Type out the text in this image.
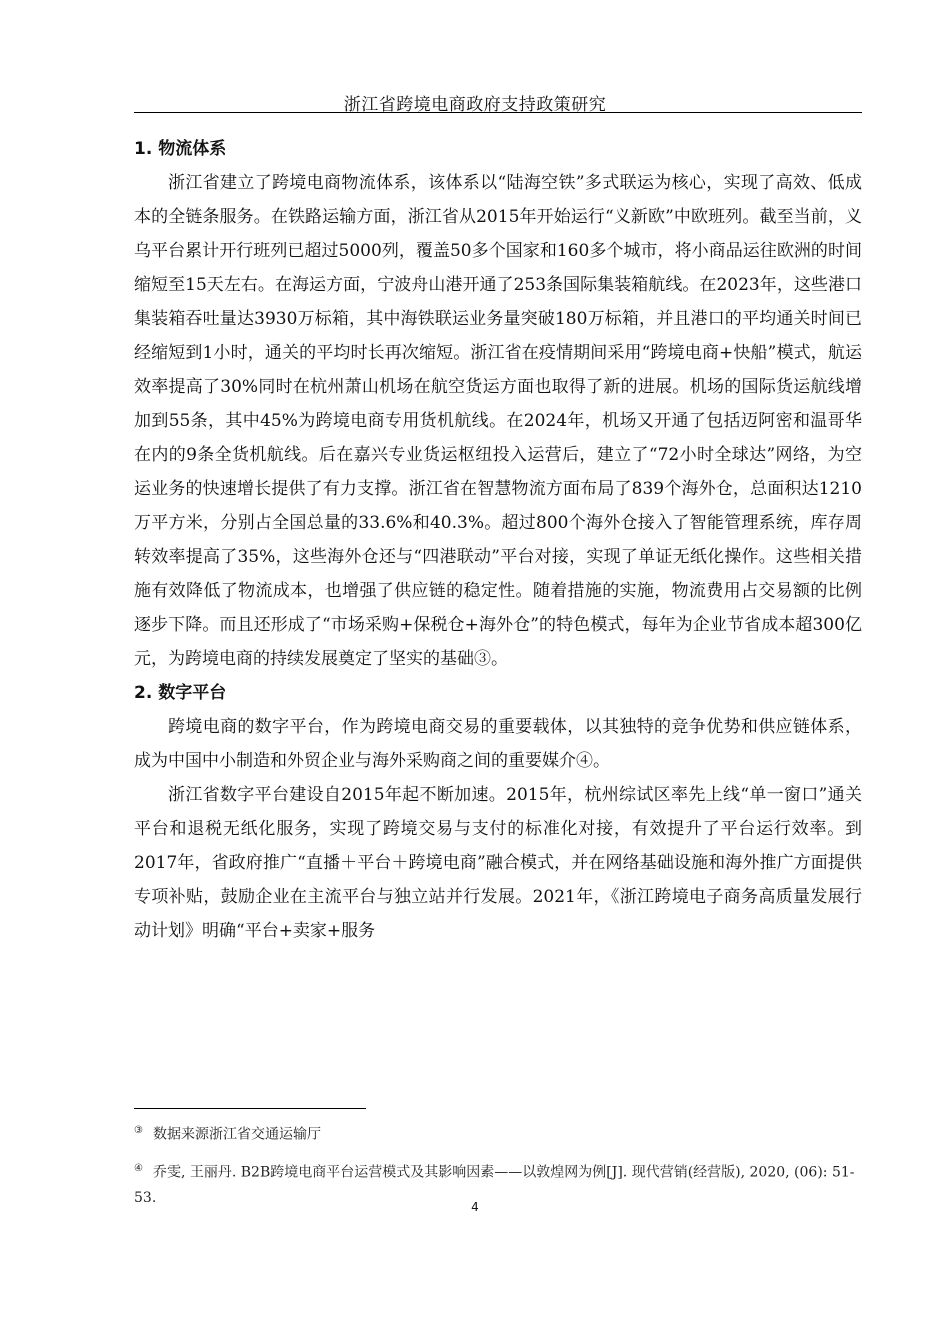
浙江省跨境电商政府支持政策研究
1. 物流体系

浙江省建立了跨境电商物流体系，该体系以“陆海空铁”多式联运为核心，实现了高效、低成本的全链条服务。在铁路运输方面，浙江省从2015年开始运行“义新欧”中欧班列。截至当前，义乌平台累计开行班列已超过5000列，覆盖50多个国家和160多个城市，将小商品运往欧洲的时间缩短至15天左右。在海运方面，宁波舟山港开通了253条国际集装箱航线。在2023年，这些港口集装箱吞吐量达3930万标箱，其中海铁联运业务量突破180万标箱，并且港口的平均通关时间已经缩短到1小时，通关的平均时长再次缩短。浙江省在疫情期间采用“跨境电商+快船”模式，航运效率提高了30%同时在杭州萧山机场在航空货运方面也取得了新的进展。机场的国际货运航线增加到55条，其中45%为跨境电商专用货机航线。在2024年，机场又开通了包括迈阿密和温哥华在内的9条全货机航线。后在嘉兴专业货运枢纽投入运营后，建立了“72小时全球达”网络，为空运业务的快速增长提供了有力支撑。浙江省在智慧物流方面布局了839个海外仓，总面积达1210万平方米，分别占全国总量的33.6%和40.3%。超过800个海外仓接入了智能管理系统，库存周转效率提高了35%，这些海外仓还与“四港联动”平台对接，实现了单证无纸化操作。这些相关措施有效降低了物流成本，也增强了供应链的稳定性。随着措施的实施，物流费用占交易额的比例逐步下降。而且还形成了“市场采购+保税仓+海外仓”的特色模式，每年为企业节省成本超300亿元，为跨境电商的持续发展奠定了坚实的基础③。

2. 数字平台

跨境电商的数字平台，作为跨境电商交易的重要载体，以其独特的竞争优势和供应链体系，成为中国中小制造和外贸企业与海外采购商之间的重要媒介④。

浙江省数字平台建设自2015年起不断加速。2015年，杭州综试区率先上线“单一窗口”通关平台和退税无纸化服务，实现了跨境交易与支付的标准化对接，有效提升了平台运行效率。到2017年，省政府推广“直播＋平台＋跨境电商”融合模式，并在网络基础设施和海外推广方面提供专项补贴，鼓励企业在主流平台与独立站并行发展。2021年，《浙江跨境电子商务高质量发展行动计划》明确“平台+卖家+服务

③ 数据来源浙江省交通运输厅

④ 乔雯, 王丽丹. B2B跨境电商平台运营模式及其影响因素——以敦煌网为例[J]. 现代营销(经营版), 2020, (06): 51-53.

4
